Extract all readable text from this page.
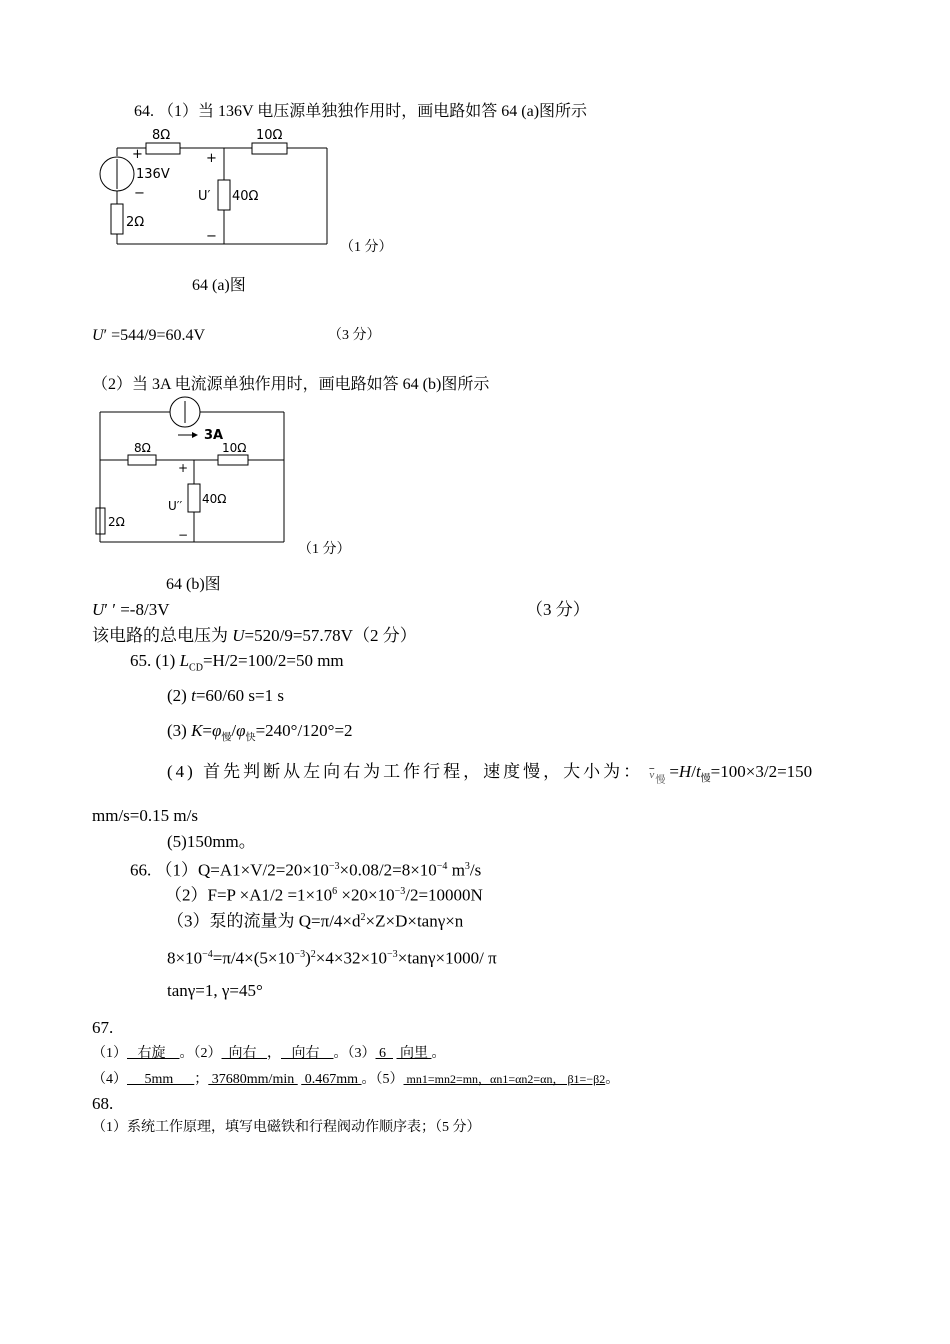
64. （1）当 136V 电压源单独独作用时，画电路如答 64 (a)图所示
8Ω	10Ω
+
136V
−
2Ω
+
U′ 40Ω
−
（1 分）
64 (a)图
U′ =544/9=60.4V	（3 分）
（2）当 3A 电流源单独作用时，画电路如答 64 (b)图所示
3A
8Ω	10Ω
+
U′′ 40Ω
2Ω
−
（1 分）
64 (b)图
U′ ′ =-8/3V	（3 分）
该电路的总电压为 U=520/9=57.78V（2 分）
65. (1) $L_{CD}=H/2=100/2=50$ mm
(2) t=60/60 s=1 s
(3) $K=\varphi_慢/\varphi_快=240^\circ/120^\circ=2$
(4) 首先判断从左向右为工作行程，速度慢，大小为： $\overline{v}$ 慢 $=H/t_慢=100\times 3/2=150$
mm/s=0.15 m/s
(5)150mm。
66. $(1)Q=A1\times V/2=20\times 10^{-3}\times 0.08/2=8\times 10^{-4}$ $m^3/s$
$(2)F=P \times A1/2 =1\times 10^6 \times 20\times 10^{-3}/2=10000N$
（3）泵的流量为 $Q=\pi/4\times d^2\times Z\times D\times\tan\gamma\times n$
$8\times 10^{-4}=\pi/4\times(5\times 10^{-3})^2\times 4\times 32\times 10^{-3}\times\tan\gamma\times 1000/$ π
tanγ=1, γ=45°
67.
（1）   右旋    。（2）  向右   ，   向右    。（3） 6    向里 。
（4）     5mm      ； 37680mm/min   0.467mm 。（5） mn1=mn2=mn，αn1=αn2=αn， β1=−β2。
68.
（1）系统工作原理，填写电磁铁和行程阀动作顺序表；（5 分）
